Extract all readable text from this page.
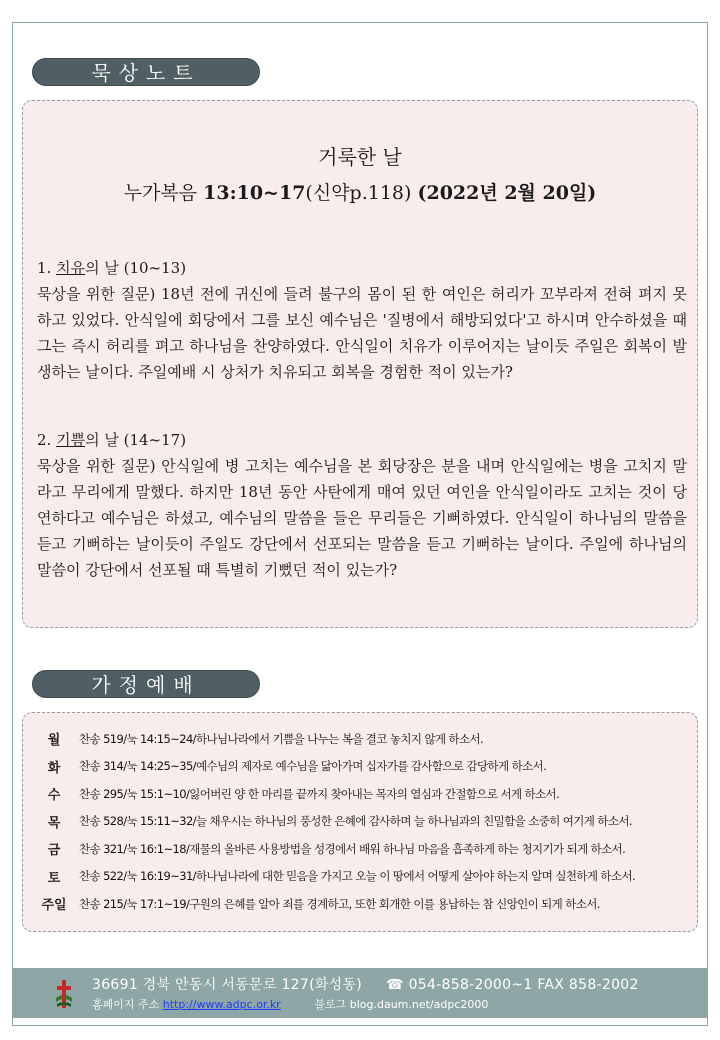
묵상노트
거룩한 날
누가복음 13:10~17(신약p.118) (2022년 2월 20일)
1. 치유의 날 (10~13)
묵상을 위한 질문) 18년 전에 귀신에 들려 불구의 몸이 된 한 여인은 허리가 꼬부라져 전혀 펴지 못하고 있었다. 안식일에 회당에서 그를 보신 예수님은 '질병에서 해방되었다'고 하시며 안수하셨을 때 그는 즉시 허리를 펴고 하나님을 찬양하였다. 안식일이 치유가 이루어지는 날이듯 주일은 회복이 발생하는 날이다. 주일예배 시 상처가 치유되고 회복을 경험한 적이 있는가?
2. 기쁨의 날 (14~17)
묵상을 위한 질문) 안식일에 병 고치는 예수님을 본 회당장은 분을 내며 안식일에는 병을 고치지 말라고 무리에게 말했다. 하지만 18년 동안 사탄에게 매여 있던 여인을 안식일이라도 고치는 것이 당연하다고 예수님은 하셨고, 예수님의 말씀을 들은 무리들은 기뻐하였다. 안식일이 하나님의 말씀을 듣고 기뻐하는 날이듯이 주일도 강단에서 선포되는 말씀을 듣고 기뻐하는 날이다. 주일에 하나님의 말씀이 강단에서 선포될 때 특별히 기뻤던 적이 있는가?
가정예배
월	찬송 519/눅 14:15~24/하나님나라에서 기쁨을 나누는 복을 결코 놓치지 않게 하소서.
화	찬송 314/눅 14:25~35/예수님의 제자로 예수님을 닮아가며 십자가를 감사함으로 감당하게 하소서.
수	찬송 295/눅 15:1~10/잃어버린 양 한 마리를 끝까지 찾아내는 목자의 열심과 간절함으로 서게 하소서.
목	찬송 528/눅 15:11~32/늘 채우시는 하나님의 풍성한 은혜에 감사하며 늘 하나님과의 친밀함을 소중히 여기게 하소서.
금	찬송 321/눅 16:1~18/재물의 올바른 사용방법을 성경에서 배워 하나님 마음을 흡족하게 하는 청지기가 되게 하소서.
토	찬송 522/눅 16:19~31/하나님나라에 대한 믿음을 가지고 오늘 이 땅에서 어떻게 살아야 하는지 알며 실천하게 하소서.
주일	찬송 215/눅 17:1~19/구원의 은혜를 알아 죄를 경계하고, 또한 회개한 이를 용납하는 참 신앙인이 되게 하소서.
36691 경북 안동시 서동문로 127(화성동) ☎ 054-858-2000~1 FAX 858-2002
홈페이지 주소 http://www.adpc.or.kr	블로그 blog.daum.net/adpc2000
